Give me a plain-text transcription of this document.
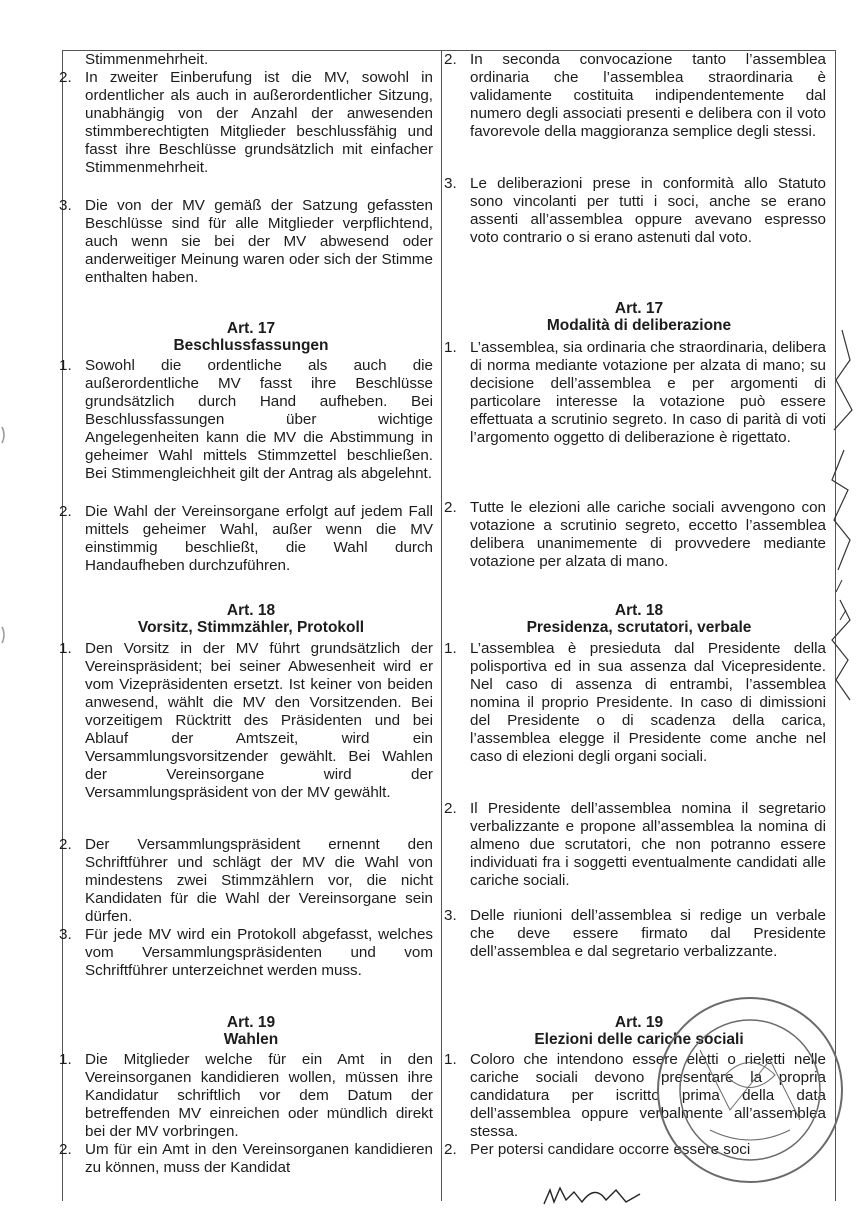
Stimmenmehrheit.
2. In zweiter Einberufung ist die MV, sowohl in ordentlicher als auch in außerordentlicher Sitzung, unabhängig von der Anzahl der anwesenden stimmberechtigten Mitglieder beschlussfähig und fasst ihre Beschlüsse grundsätzlich mit einfacher Stimmenmehrheit.
3. Die von der MV gemäß der Satzung gefassten Beschlüsse sind für alle Mitglieder verpflichtend, auch wenn sie bei der MV abwesend oder anderweitiger Meinung waren oder sich der Stimme enthalten haben.
Art. 17
Beschlussfassungen
1. Sowohl die ordentliche als auch die außerordentliche MV fasst ihre Beschlüsse grundsätzlich durch Hand aufheben. Bei Beschlussfassungen über wichtige Angelegenheiten kann die MV die Abstimmung in geheimer Wahl mittels Stimmzettel beschließen. Bei Stimmengleichheit gilt der Antrag als abgelehnt.
2. Die Wahl der Vereinsorgane erfolgt auf jedem Fall mittels geheimer Wahl, außer wenn die MV einstimmig beschließt, die Wahl durch Handaufheben durchzuführen.
Art. 18
Vorsitz, Stimmzähler, Protokoll
1. Den Vorsitz in der MV führt grundsätzlich der Vereinspräsident; bei seiner Abwesenheit wird er vom Vizepräsidenten ersetzt. Ist keiner von beiden anwesend, wählt die MV den Vorsitzenden. Bei vorzeitigem Rücktritt des Präsidenten und bei Ablauf der Amtszeit, wird ein Versammlungsvorsitzender gewählt. Bei Wahlen der Vereinsorgane wird der Versammlungspräsident von der MV gewählt.
2. Der Versammlungspräsident ernennt den Schriftführer und schlägt der MV die Wahl von mindestens zwei Stimmzählern vor, die nicht Kandidaten für die Wahl der Vereinsorgane sein dürfen.
3. Für jede MV wird ein Protokoll abgefasst, welches vom Versammlungspräsidenten und vom Schriftführer unterzeichnet werden muss.
Art. 19
Wahlen
1. Die Mitglieder welche für ein Amt in den Vereinsorganen kandidieren wollen, müssen ihre Kandidatur schriftlich vor dem Datum der betreffenden MV einreichen oder mündlich direkt bei der MV vorbringen.
2. Um für ein Amt in den Vereinsorganen kandidieren zu können, muss der Kandidat
2. In seconda convocazione tanto l’assemblea ordinaria che l’assemblea straordinaria è validamente costituita indipendentemente dal numero degli associati presenti e delibera con il voto favorevole della maggioranza semplice degli stessi.
3. Le deliberazioni prese in conformità allo Statuto sono vincolanti per tutti i soci, anche se erano assenti all’assemblea oppure avevano espresso voto contrario o si erano astenuti dal voto.
Art. 17
Modalità di deliberazione
1. L’assemblea, sia ordinaria che straordinaria, delibera di norma mediante votazione per alzata di mano; su decisione dell’assemblea e per argomenti di particolare interesse la votazione può essere effettuata a scrutinio segreto. In caso di parità di voti l’argomento oggetto di deliberazione è rigettato.
2. Tutte le elezioni alle cariche sociali avvengono con votazione a scrutinio segreto, eccetto l’assemblea delibera unanimemente di provvedere mediante votazione per alzata di mano.
Art. 18
Presidenza, scrutatori, verbale
1. L’assemblea è presieduta dal Presidente della polisportiva ed in sua assenza dal Vicepresidente. Nel caso di assenza di entrambi, l’assemblea nomina il proprio Presidente. In caso di dimissioni del Presidente o di scadenza della carica, l’assemblea elegge il Presidente come anche nel caso di elezioni degli organi sociali.
2. Il Presidente dell’assemblea nomina il segretario verbalizzante e propone all’assemblea la nomina di almeno due scrutatori, che non potranno essere individuati fra i soggetti eventualmente candidati alle cariche sociali.
3. Delle riunioni dell’assemblea si redige un verbale che deve essere firmato dal Presidente dell’assemblea e dal segretario verbalizzante.
Art. 19
Elezioni delle cariche sociali
1. Coloro che intendono essere eletti o rieletti nelle cariche sociali devono presentare la propria candidatura per iscritto prima della data dell’assemblea oppure verbalmente all’assemblea stessa.
2. Per potersi candidare occorre essere soci
